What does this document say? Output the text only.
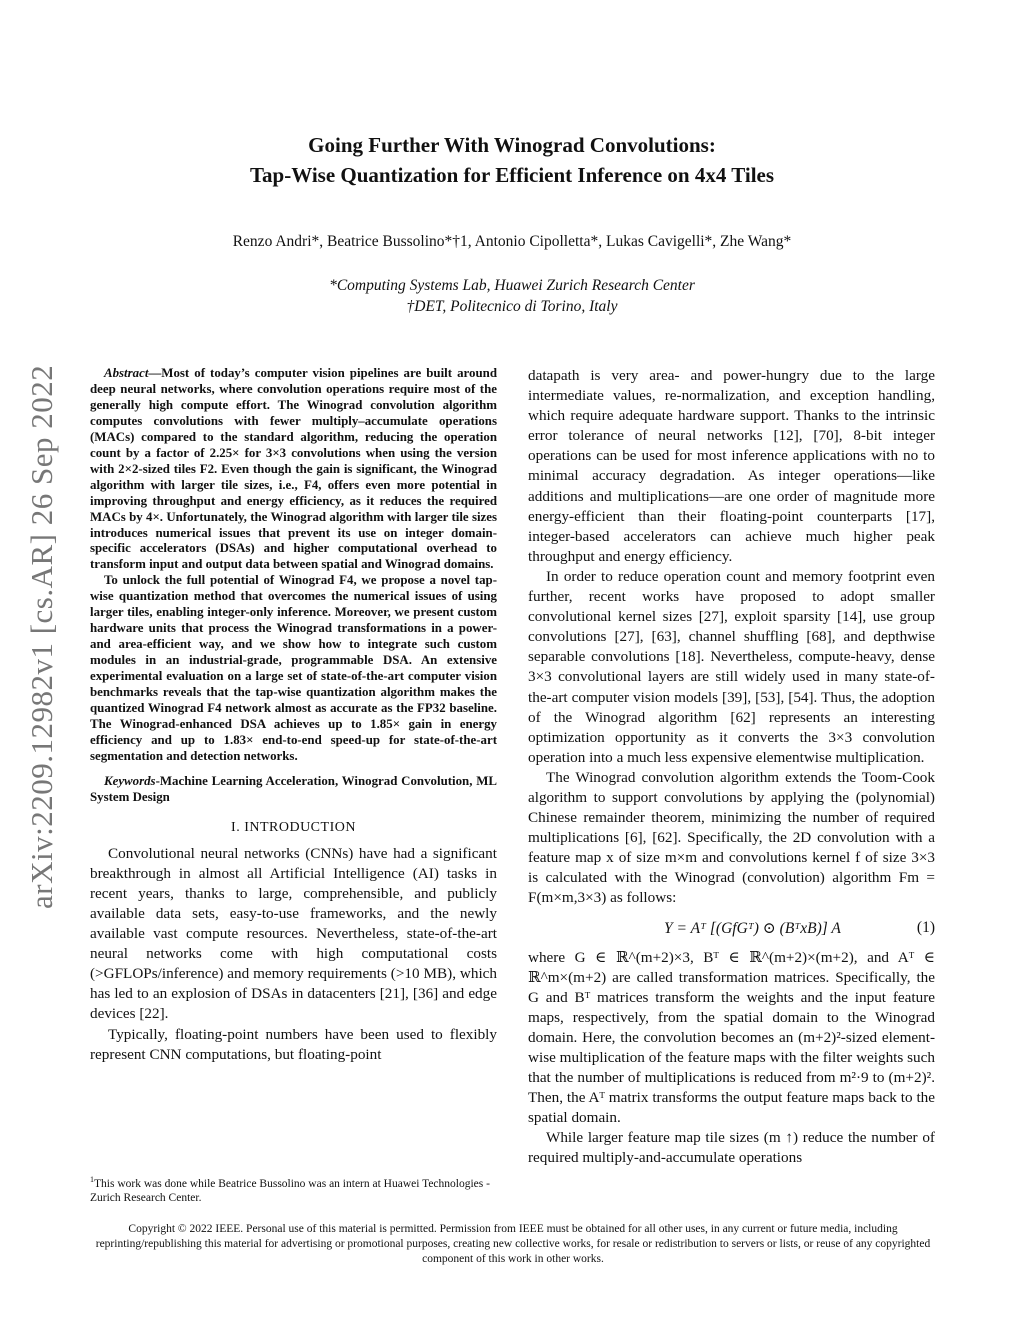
arXiv:2209.12982v1 [cs.AR] 26 Sep 2022
Going Further With Winograd Convolutions:
Tap-Wise Quantization for Efficient Inference on 4x4 Tiles
Renzo Andri*, Beatrice Bussolino*†1, Antonio Cipolletta*, Lukas Cavigelli*, Zhe Wang*
*Computing Systems Lab, Huawei Zurich Research Center
†DET, Politecnico di Torino, Italy

Abstract—Most of today’s computer vision pipelines are built around deep neural networks, where convolution operations require most of the generally high compute effort. The Winograd convolution algorithm computes convolutions with fewer multiply–accumulate operations (MACs) compared to the standard algorithm, reducing the operation count by a factor of 2.25× for 3×3 convolutions when using the version with 2×2-sized tiles F2. Even though the gain is significant, the Winograd algorithm with larger tile sizes, i.e., F4, offers even more potential in improving throughput and energy efficiency, as it reduces the required MACs by 4×. Unfortunately, the Winograd algorithm with larger tile sizes introduces numerical issues that prevent its use on integer domain-specific accelerators (DSAs) and higher computational overhead to transform input and output data between spatial and Winograd domains.

To unlock the full potential of Winograd F4, we propose a novel tap-wise quantization method that overcomes the numerical issues of using larger tiles, enabling integer-only inference. Moreover, we present custom hardware units that process the Winograd transformations in a power- and area-efficient way, and we show how to integrate such custom modules in an industrial-grade, programmable DSA. An extensive experimental evaluation on a large set of state-of-the-art computer vision benchmarks reveals that the tap-wise quantization algorithm makes the quantized Winograd F4 network almost as accurate as the FP32 baseline. The Winograd-enhanced DSA achieves up to 1.85× gain in energy efficiency and up to 1.83× end-to-end speed-up for state-of-the-art segmentation and detection networks.

Keywords-Machine Learning Acceleration, Winograd Convolution, ML System Design

I. INTRODUCTION

Convolutional neural networks (CNNs) have had a significant breakthrough in almost all Artificial Intelligence (AI) tasks in recent years, thanks to large, comprehensible, and publicly available data sets, easy-to-use frameworks, and the newly available vast compute resources. Nevertheless, state-of-the-art neural networks come with high computational costs (>GFLOPs/inference) and memory requirements (>10 MB), which has led to an explosion of DSAs in datacenters [21], [36] and edge devices [22].

Typically, floating-point numbers have been used to flexibly represent CNN computations, but floating-point

$^1$This work was done while Beatrice Bussolino was an intern at Huawei Technologies - Zurich Research Center.

datapath is very area- and power-hungry due to the large intermediate values, re-normalization, and exception handling, which require adequate hardware support. Thanks to the intrinsic error tolerance of neural networks [12], [70], 8-bit integer operations can be used for most inference applications with no to minimal accuracy degradation. As integer operations—like additions and multiplications—are one order of magnitude more energy-efficient than their floating-point counterparts [17], integer-based accelerators can achieve much higher peak throughput and energy efficiency.

In order to reduce operation count and memory footprint even further, recent works have proposed to adopt smaller convolutional kernel sizes [27], exploit sparsity [14], use group convolutions [27], [63], channel shuffling [68], and depthwise separable convolutions [18]. Nevertheless, compute-heavy, dense 3×3 convolutional layers are still widely used in many state-of-the-art computer vision models [39], [53], [54]. Thus, the adoption of the Winograd algorithm [62] represents an interesting optimization opportunity as it converts the 3×3 convolution operation into a much less expensive elementwise multiplication.

The Winograd convolution algorithm extends the Toom-Cook algorithm to support convolutions by applying the (polynomial) Chinese remainder theorem, minimizing the number of required multiplications [6], [62]. Specifically, the 2D convolution with a feature map x of size m×m and convolutions kernel f of size 3×3 is calculated with the Winograd (convolution) algorithm Fm = F(m×m,3×3) as follows:

Y = Aᵀ [(GfGᵀ) ⊙ (BᵀxB)] A	(1)

where G ∈ ℝ^(m+2)×3, Bᵀ ∈ ℝ^(m+2)×(m+2), and Aᵀ ∈ ℝ^m×(m+2) are called transformation matrices. Specifically, the G and Bᵀ matrices transform the weights and the input feature maps, respectively, from the spatial domain to the Winograd domain. Here, the convolution becomes an (m+2)²-sized element-wise multiplication of the feature maps with the filter weights such that the number of multiplications is reduced from m²·9 to (m+2)². Then, the Aᵀ matrix transforms the output feature maps back to the spatial domain.

While larger feature map tile sizes (m ↑) reduce the number of required multiply-and-accumulate operations

Copyright © 2022 IEEE. Personal use of this material is permitted. Permission from IEEE must be obtained for all other uses, in any current or future media, including reprinting/republishing this material for advertising or promotional purposes, creating new collective works, for resale or redistribution to servers or lists, or reuse of any copyrighted component of this work in other works.
